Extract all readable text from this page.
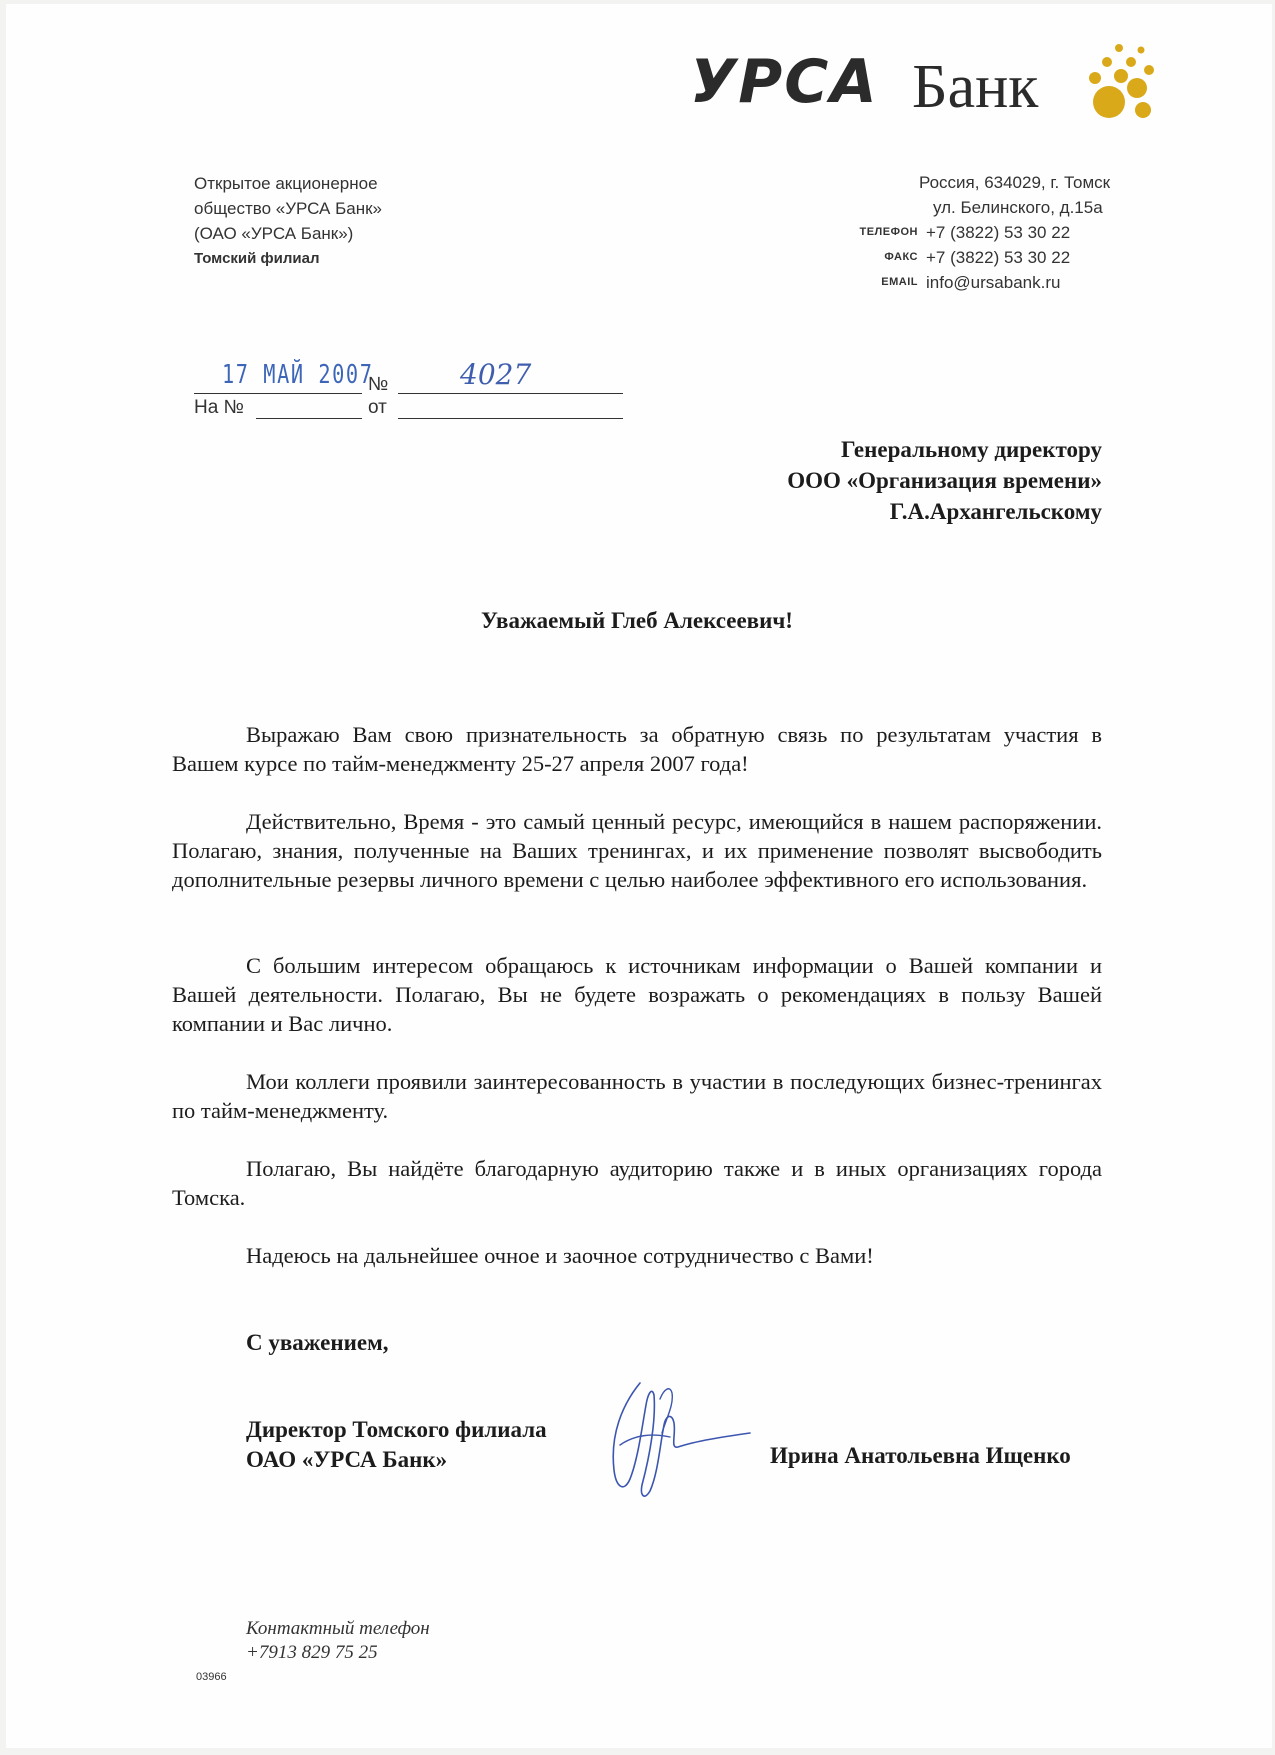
УРСА Банк
Открытое акционерное
общество «УРСА Банк»
(ОАО «УРСА Банк»)
Томский филиал
Россия, 634029, г. Томск
ул. Белинского, д.15а
ТЕЛЕФОН +7 (3822) 53 30 22
ФАКС +7 (3822) 53 30 22
EMAIL info@ursabank.ru
17 МАЙ 2007
№	4027
На №	от
Генеральному директору
ООО «Организация времени»
Г.А.Архангельскому
Уважаемый Глеб Алексеевич!
Выражаю Вам свою признательность за обратную связь по результатам участия в Вашем курсе по тайм-менеджменту 25-27 апреля 2007 года!
Действительно, Время - это самый ценный ресурс, имеющийся в нашем распоряжении. Полагаю, знания, полученные на Ваших тренингах, и их применение позволят высвободить дополнительные резервы личного времени с целью наиболее эффективного его использования.
С большим интересом обращаюсь к источникам информации о Вашей компании и Вашей деятельности. Полагаю, Вы не будете возражать о рекомендациях в пользу Вашей компании и Вас лично.
Мои коллеги проявили заинтересованность в участии в последующих бизнес-тренингах по тайм-менеджменту.
Полагаю, Вы найдёте благодарную аудиторию также и в иных организациях города Томска.
Надеюсь на дальнейшее очное и заочное сотрудничество с Вами!
С уважением,
Директор Томского филиала
ОАО «УРСА Банк»	Ирина Анатольевна Ищенко
Контактный телефон
+7913 829 75 25
03966
